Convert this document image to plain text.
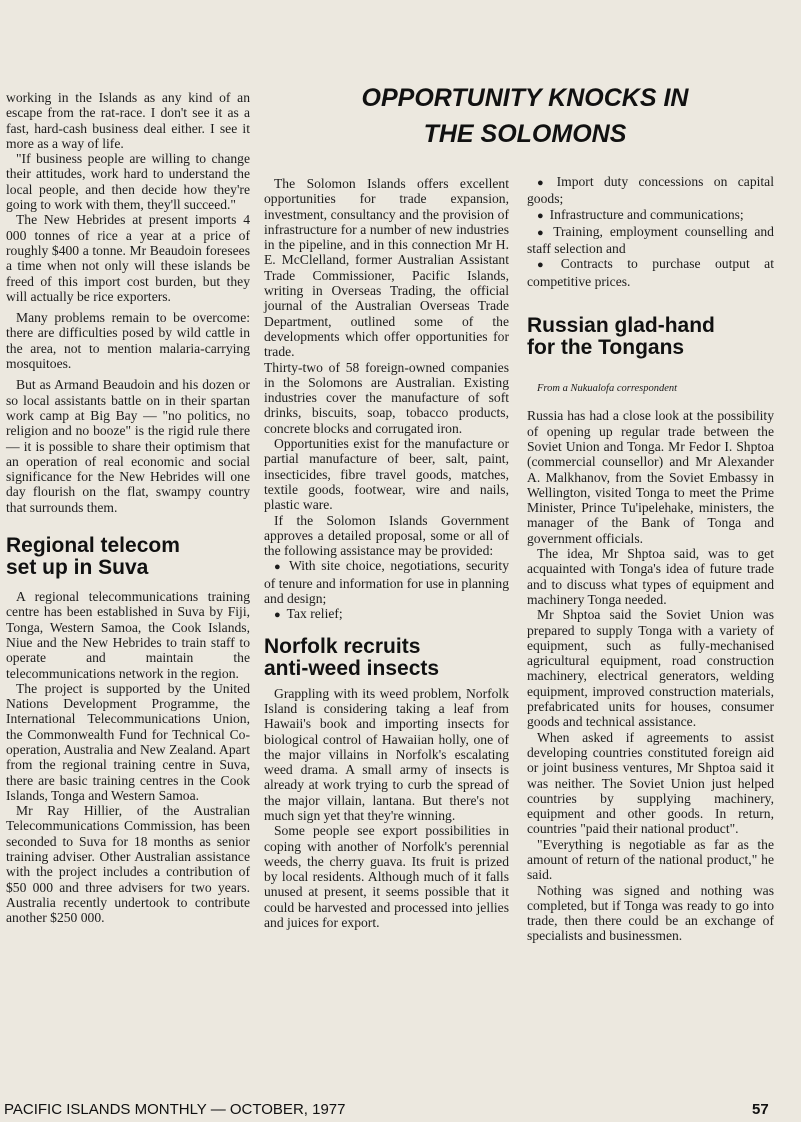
working in the Islands as any kind of an escape from the rat-race. I don't see it as a fast, hard-cash business deal either. I see it more as a way of life.

"If business people are willing to change their attitudes, work hard to understand the local people, and then decide how they're going to work with them, they'll succeed."

The New Hebrides at present imports 4 000 tonnes of rice a year at a price of roughly $400 a tonne. Mr Beaudoin foresees a time when not only will these islands be freed of this import cost burden, but they will actually be rice exporters.

Many problems remain to be overcome: there are difficulties posed by wild cattle in the area, not to mention malaria-carrying mosquitoes.

But as Armand Beaudoin and his dozen or so local assistants battle on in their spartan work camp at Big Bay — "no politics, no religion and no booze" is the rigid rule there — it is possible to share their optimism that an operation of real economic and social significance for the New Hebrides will one day flourish on the flat, swampy country that surrounds them.

Regional telecom
set up in Suva

A regional telecommunications training centre has been established in Suva by Fiji, Tonga, Western Samoa, the Cook Islands, Niue and the New Hebrides to train staff to operate and maintain the telecommunications network in the region.

The project is supported by the United Nations Development Programme, the International Telecommunications Union, the Commonwealth Fund for Technical Co-operation, Australia and New Zealand. Apart from the regional training centre in Suva, there are basic training centres in the Cook Islands, Tonga and Western Samoa.

Mr Ray Hillier, of the Australian Telecommunications Commission, has been seconded to Suva for 18 months as senior training adviser. Other Australian assistance with the project includes a contribution of $50 000 and three advisers for two years. Australia recently undertook to contribute another $250 000.

OPPORTUNITY KNOCKS IN
THE SOLOMONS

The Solomon Islands offers excellent opportunities for trade expansion, investment, consultancy and the provision of infrastructure for a number of new industries in the pipeline, and in this connection Mr H. E. McClelland, former Australian Assistant Trade Commissioner, Pacific Islands, writing in Overseas Trading, the official journal of the Australian Overseas Trade Department, outlined some of the developments which offer opportunities for trade.

Thirty-two of 58 foreign-owned companies in the Solomons are Australian. Existing industries cover the manufacture of soft drinks, biscuits, soap, tobacco products, concrete blocks and corrugated iron.

Opportunities exist for the manufacture or partial manufacture of beer, salt, paint, insecticides, fibre travel goods, matches, textile goods, footwear, wire and nails, plastic ware.

If the Solomon Islands Government approves a detailed proposal, some or all of the following assistance may be provided:

● With site choice, negotiations, security of tenure and information for use in planning and design;

● Tax relief;

Norfolk recruits
anti-weed insects

Grappling with its weed problem, Norfolk Island is considering taking a leaf from Hawaii's book and importing insects for biological control of Hawaiian holly, one of the major villains in Norfolk's escalating weed drama. A small army of insects is already at work trying to curb the spread of the major villain, lantana. But there's not much sign yet that they're winning.

Some people see export possibilities in coping with another of Norfolk's perennial weeds, the cherry guava. Its fruit is prized by local residents. Although much of it falls unused at present, it seems possible that it could be harvested and processed into jellies and juices for export.

● Import duty concessions on capital goods;

● Infrastructure and communications;

● Training, employment counselling and staff selection and

● Contracts to purchase output at competitive prices.

Russian glad-hand
for the Tongans

From a Nukualofa correspondent

Russia has had a close look at the possibility of opening up regular trade between the Soviet Union and Tonga. Mr Fedor I. Shptoa (commercial counsellor) and Mr Alexander A. Malkhanov, from the Soviet Embassy in Wellington, visited Tonga to meet the Prime Minister, Prince Tu'ipelehake, ministers, the manager of the Bank of Tonga and government officials.

The idea, Mr Shptoa said, was to get acquainted with Tonga's idea of future trade and to discuss what types of equipment and machinery Tonga needed.

Mr Shptoa said the Soviet Union was prepared to supply Tonga with a variety of equipment, such as fully-mechanised agricultural equipment, road construction machinery, electrical generators, welding equipment, improved construction materials, prefabricated units for houses, consumer goods and technical assistance.

When asked if agreements to assist developing countries constituted foreign aid or joint business ventures, Mr Shptoa said it was neither. The Soviet Union just helped countries by supplying machinery, equipment and other goods. In return, countries "paid their national product".

"Everything is negotiable as far as the amount of return of the national product," he said.

Nothing was signed and nothing was completed, but if Tonga was ready to go into trade, then there could be an exchange of specialists and businessmen.

PACIFIC ISLANDS MONTHLY — OCTOBER, 1977	57
